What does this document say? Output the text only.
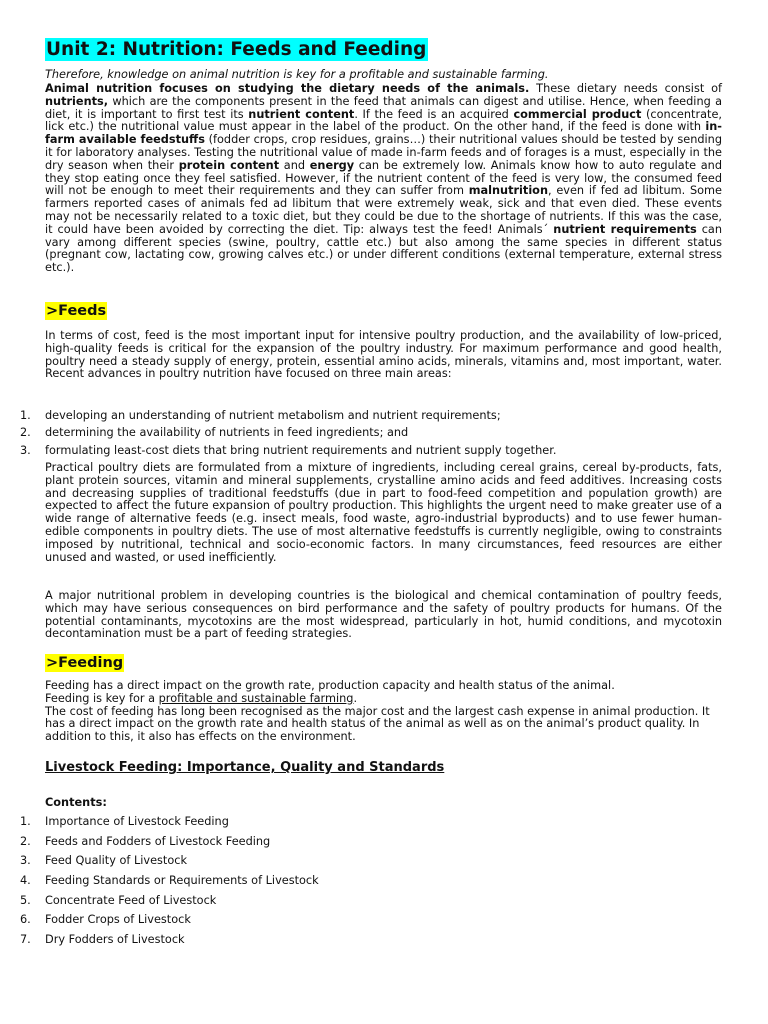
Unit 2: Nutrition: Feeds and Feeding
Therefore, knowledge on animal nutrition is key for a profitable and sustainable farming.

Animal nutrition focuses on studying the dietary needs of the animals. These dietary needs consist of nutrients, which are the components present in the feed that animals can digest and utilise. Hence, when feeding a diet, it is important to first test its nutrient content. If the feed is an acquired commercial product (concentrate, lick etc.) the nutritional value must appear in the label of the product. On the other hand, if the feed is done with in-farm available feedstuffs (fodder crops, crop residues, grains…) their nutritional values should be tested by sending it for laboratory analyses. Testing the nutritional value of made in-farm feeds and of forages is a must, especially in the dry season when their protein content and energy can be extremely low. Animals know how to auto regulate and they stop eating once they feel satisfied. However, if the nutrient content of the feed is very low, the consumed feed will not be enough to meet their requirements and they can suffer from malnutrition, even if fed ad libitum. Some farmers reported cases of animals fed ad libitum that were extremely weak, sick and that even died. These events may not be necessarily related to a toxic diet, but they could be due to the shortage of nutrients. If this was the case, it could have been avoided by correcting the diet. Tip: always test the feed! Animals´ nutrient requirements can vary among different species (swine, poultry, cattle etc.) but also among the same species in different status (pregnant cow, lactating cow, growing calves etc.) or under different conditions (external temperature, external stress etc.).

>Feeds

In terms of cost, feed is the most important input for intensive poultry production, and the availability of low-priced, high-quality feeds is critical for the expansion of the poultry industry. For maximum performance and good health, poultry need a steady supply of energy, protein, essential amino acids, minerals, vitamins and, most important, water. Recent advances in poultry nutrition have focused on three main areas:

1. developing an understanding of nutrient metabolism and nutrient requirements;
2. determining the availability of nutrients in feed ingredients; and
3. formulating least-cost diets that bring nutrient requirements and nutrient supply together.

Practical poultry diets are formulated from a mixture of ingredients, including cereal grains, cereal by-products, fats, plant protein sources, vitamin and mineral supplements, crystalline amino acids and feed additives. Increasing costs and decreasing supplies of traditional feedstuffs (due in part to food-feed competition and population growth) are expected to affect the future expansion of poultry production. This highlights the urgent need to make greater use of a wide range of alternative feeds (e.g. insect meals, food waste, agro-industrial byproducts) and to use fewer human-edible components in poultry diets. The use of most alternative feedstuffs is currently negligible, owing to constraints imposed by nutritional, technical and socio-economic factors. In many circumstances, feed resources are either unused and wasted, or used inefficiently.

A major nutritional problem in developing countries is the biological and chemical contamination of poultry feeds, which may have serious consequences on bird performance and the safety of poultry products for humans. Of the potential contaminants, mycotoxins are the most widespread, particularly in hot, humid conditions, and mycotoxin decontamination must be a part of feeding strategies.

>Feeding

Feeding has a direct impact on the growth rate, production capacity and health status of the animal.

Feeding is key for a profitable and sustainable farming.

The cost of feeding has long been recognised as the major cost and the largest cash expense in animal production. It has a direct impact on the growth rate and health status of the animal as well as on the animal’s product quality. In addition to this, it also has effects on the environment.

Livestock Feeding: Importance, Quality and Standards
Contents:
1. Importance of Livestock Feeding
2. Feeds and Fodders of Livestock Feeding
3. Feed Quality of Livestock
4. Feeding Standards or Requirements of Livestock
5. Concentrate Feed of Livestock
6. Fodder Crops of Livestock
7. Dry Fodders of Livestock
